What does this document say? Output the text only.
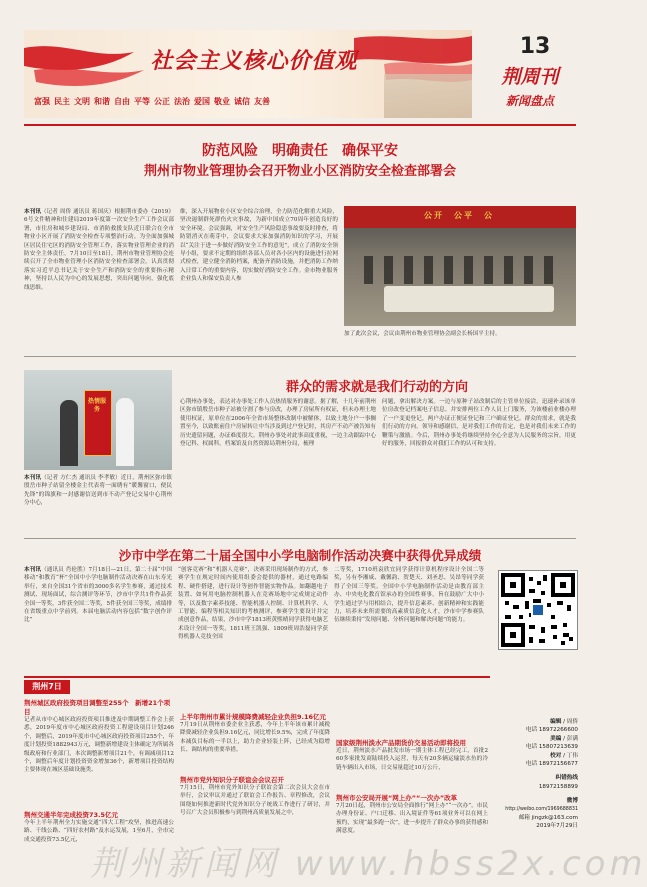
社会主义核心价值观
富强 民主 文明 和谐 自由 平等 公正 法治 爱国 敬业 诚信 友善
13
荆周刊
新闻盘点
防范风险　明确责任　确保平安
荆州市物业管理协会召开物业小区消防安全检查部署会
本刊讯（记者 周侨 通讯员 蒋国庆）根据荆市委办《2019》6号文件精神和住建局2019年度第一次安全生产工作会议部署，市住房和城乡建设局、市消防救援支队近日联合在全市物业小区开展了消防安全检查专项整治行动。为全面加强城区居民住宅区的消防安全管理工作，落实物业管理企业的消防安全主体责任，7月10日至18日，荆州市物业管理协会连续召开了全市物业管理小区消防安全检查部署会。认真贯彻落实习近平总书记关于安全生产和消防安全的重要指示精神，坚持以人民为中心的发展思想，突出问题导向，强化底线思维。
维，深入开展物业小区安全综合治理，全力防范化解重大风险，坚决遏制群死群伤火灾事故，为新中国成立70周年创造良好的安全环境。会议强调，对安全生产风险隐患事故要及时排查，将防错消灭在萌芽中，会议要求大家加强消防知识的学习，开展以“关注于进一步做好消防安全工作的意见”，成立了消防安全领导小组，要求不定期的组织各部人员对各小区内的设施进行拉网式检查，建立健全消防档案，配备齐消防设施，并把消防工作纳入日常工作的重要内容，切实做好消防安全工作。金市物业服务企业负人和保安负责人参
公开　公平　公
加了此次会议，会议由荆州市物业管理协会副会长杨国平主持。
热情服务
本刊讯（记者 方仁杰 通讯员 李孝敏）近日，荆州区弥市镇殷岳市种子站留全楼金主代表将一面绣有“暖馨窗口，便民先锋”的锦旗和一封感谢信送到市不动产登记交易中心荆州分中心，
群众的需求就是我们行动的方向
心荆州办事处，表达对办事处工作人员热情服务的谢意。据了解，十几年前荆州区弥市镇殷岳市种子站被分割了参与房改，办理了房屋所有权证，但未办理土地使用权证，原单位在2006年全省市场整体改制中被解体，以致土地分户一事搁置至今，以致账前住户房屋转让中当涉及到过户登记时，其房产不动产被告知有历史遗留问题，办证难度很大。荆州办事处对此事高度重视，一边主动跟踪中心登记科、权属科，档案馆及自然资源局荆州分局，梳理
问题，拿出解决方案。一边与原种子站改制后的主管单位接洽，迅速补录该单位房改登记档案电子信息。并安排两位工作人员上门服务，为该楼前业楼办理了一户变更登记，两户办证正便证登记和三户确证登记。群众的需求，就是我们行动的方向。领导和感谢信，是对我们工作的肯定，也是对我们未来工作的鞭策与激励。今后，荆州办事处将继续坚持全心全意为人民服务的宗旨，用更好的服务，回报群众对我们工作的认可和支持。
沙市中学在第二十届全国中小学电脑制作活动决赛中获得优异成绩
本刊讯（通讯员 肖伦胜）7月18日—21日，第二十届“中国移动”和教育“杯”全国中小学电脑制作活动决赛在山东寿光举行，来自全国31个省市的3000多名学生参赛，通过技术测试、现场面试，综合测评等环节，沙市中学共1件作品获全国一等奖，3件获全国二等奖，5件获全国三等奖，成绩排在省级重点中学前列。本届电脑活动内容包括“数字创作评比”
“创客竞赛”和“机器人竞赛”，决赛采用现场制作的方式，参赛学生在规定时间内使用组委会提供的器材，通过电路编程、硬件搭建，进行设计等创作智能实物作品。如翻越电子装置、如何用电脑控制机器人在竞赛场地中完成规定动作等，以及数字素养技能、智能机器人控制、计算机科学、人工智能、编程等相关知识的考核测评，参赛学生要设计并完成创意作品，结果，沙市中学1813班黄熙晴同学获得电脑艺术设计全国一等奖，1811班王凯强、1809班周浩磊同学获得机器人竞技全国
二等奖，1710班袁欣宜同学获得计算机程序设计全国二等奖，另有李湘咸、戴馨韵、贺楚天、刘圣思、吴昂等同学获得了全国三等奖。全国中小学电脑制作活动是由教育部主办、中央电化教育馆承办的全国性赛事，旨在鼓励广大中小学生通过学与用相结合，提升信息素养、创新精神和实践能力，培养未来所需要的高素质信息化人才，沙市中学参赛队伍继续秉持“发现问题、分析问题和解决问题”的能力。
荆州7日
荆州城区政府投资项目调整至255个　新增21个项目
记者从市中心城区政府投资项目推进及中期调整工作会上获悉，2019年度市中心城区政府投资工程建设项目计划246个，调整后，2019年度市中心城区政府投资项目255个，年度计划投资1882943万元，调整新增建设主体确定为所属各级政府和行业部门，本次调整新增项目21个，有调减项目12个，调整后年度计划投资资金增加36个，新增项目投资结构主要体现在城区基础设施类、
荆州交通半年完成投资73.5亿元
今年上半年荆州全力实施交通“四大工程”攻坚，推进高速公路、干线公路、“四好农村路”及水运发展，1至6月，全市完成交通投资73.5亿元，
上半年荆州市累计规模降费减轻企业负担9.16亿元
7月19日从荆州市委企业主获悉，今年上半年该市累计减税降费减轻企业负担9.16亿元，同比增长9.5%，完成了年度降本减负目标的一半以上，助力企业轻装上阵，已经成为稳增长、调结构的重要举措。
荆州市党外知识分子联谊会会议召开
7月15日，荆州市党外知识分子联谊会第二次会员大会在市举行，会议审议并通过了联谊会工作报告、章程修改，会议围绕如何推进新时代党外知识分子统战工作进行了研讨，并号召广大会员积极参与到荆州高质量发展之中，
国家级荆州淡水产品期货价交易活动即将投用
近日，荆州淡水产品批发市场一期主体工程已经完工，首批260多家批发商陆续投入运营，每天有20多辆运输淡水鱼的冷链车辆出入市场，日交易量超过10万公斤，
荆州市公安局开展“网上办”“一次办”改革
7月20日起，荆州市公安局全面推行“网上办”“一次办”，市民办理身份证、户口迁移、出入境证件等61项业务可以在网上预约，实现“最多跑一次”，进一步提升了群众办事的获得感和满意度。
编辑 / 周侨
电话 18972266600
美编 / 彭满
电话 15807213639
校对 / 丁伟
电话 18972156677
纠错热线
18972158899
微博
http://weibo.com/1969688831
邮箱 jingzk@163.com
2019年7月29日
荆州新闻网 www.hbss2x.com
